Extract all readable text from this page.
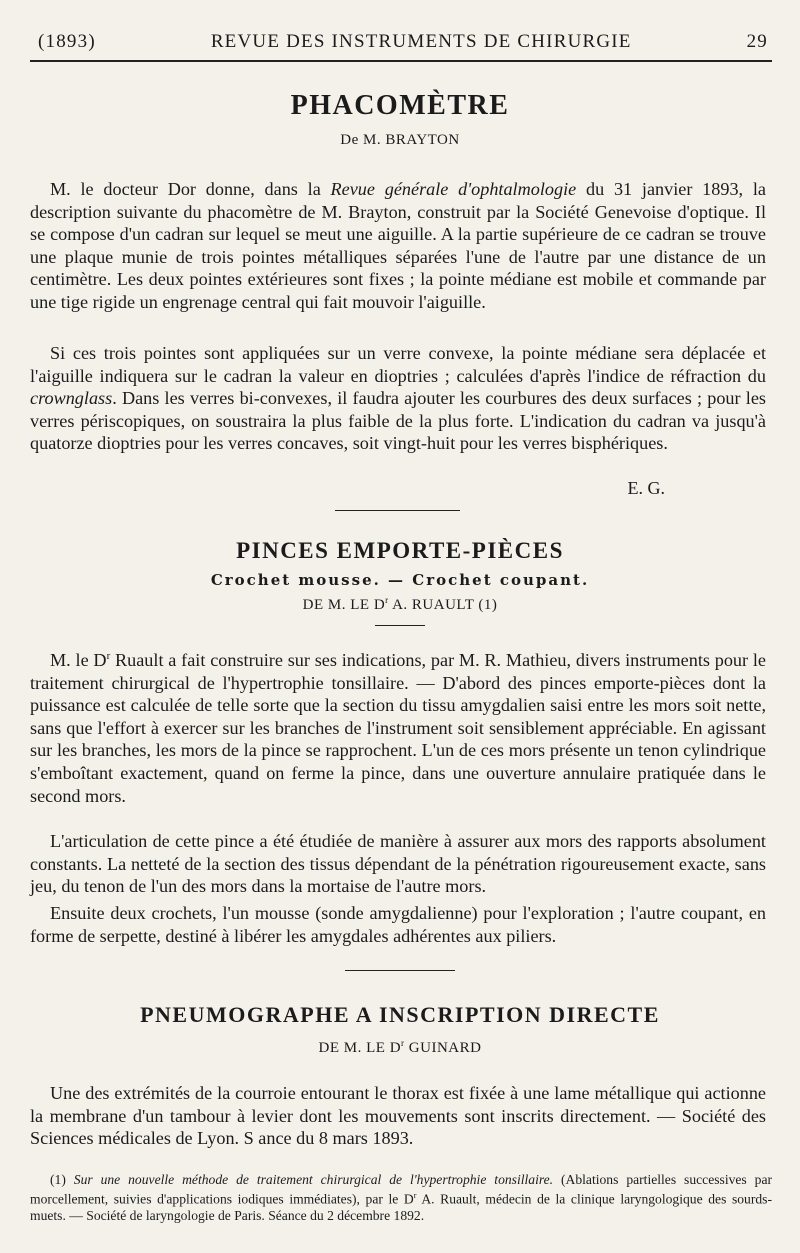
(1893)	REVUE DES INSTRUMENTS DE CHIRURGIE	29
PHACOMÈTRE
De M. BRAYTON

M. le docteur Dor donne, dans la Revue générale d'ophtalmologie du 31 janvier 1893, la description suivante du phacomètre de M. Brayton, construit par la Société Genevoise d'optique. Il se compose d'un cadran sur lequel se meut une aiguille. A la partie supérieure de ce cadran se trouve une plaque munie de trois pointes métalliques séparées l'une de l'autre par une distance de un centimètre. Les deux pointes extérieures sont fixes ; la pointe médiane est mobile et commande par une tige rigide un engrenage central qui fait mouvoir l'aiguille.

Si ces trois pointes sont appliquées sur un verre convexe, la pointe médiane sera déplacée et l'aiguille indiquera sur le cadran la valeur en dioptries ; calculées d'après l'indice de réfraction du crownglass. Dans les verres bi-convexes, il faudra ajouter les courbures des deux surfaces ; pour les verres périscopiques, on soustraira la plus faible de la plus forte. L'indication du cadran va jusqu'à quatorze dioptries pour les verres concaves, soit vingt-huit pour les verres bisphériques.

E. G.
PINCES EMPORTE-PIÈCES
Crochet mousse. — Crochet coupant.
DE M. LE $D^r$ A. RUAULT (1)

M. le $D^r$ Ruault a fait construire sur ses indications, par M. R. Mathieu, divers instruments pour le traitement chirurgical de l'hypertrophie tonsillaire. — D'abord des pinces emporte-pièces dont la puissance est calculée de telle sorte que la section du tissu amygdalien saisi entre les mors soit nette, sans que l'effort à exercer sur les branches de l'instrument soit sensiblement appréciable. En agissant sur les branches, les mors de la pince se rapprochent. L'un de ces mors présente un tenon cylindrique s'emboîtant exactement, quand on ferme la pince, dans une ouverture annulaire pratiquée dans le second mors.

L'articulation de cette pince a été étudiée de manière à assurer aux mors des rapports absolument constants. La netteté de la section des tissus dépendant de la pénétration rigoureusement exacte, sans jeu, du tenon de l'un des mors dans la mortaise de l'autre mors.

Ensuite deux crochets, l'un mousse (sonde amygdalienne) pour l'exploration ; l'autre coupant, en forme de serpette, destiné à libérer les amygdales adhérentes aux piliers.

PNEUMOGRAPHE A INSCRIPTION DIRECTE
DE M. LE $D^r$ GUINARD

Une des extrémités de la courroie entourant le thorax est fixée à une lame métallique qui actionne la membrane d'un tambour à levier dont les mouvements sont inscrits directement. — Société des Sciences médicales de Lyon. S ance du 8 mars 1893.

(1) Sur une nouvelle méthode de traitement chirurgical de l'hypertrophie tonsillaire. (Ablations partielles successives par morcellement, suivies d'applications iodiques immédiates), par le $D^r$ A. Ruault, médecin de la clinique laryngologique des sourds-muets. — Société de laryngologie de Paris. Séance du 2 décembre 1892.
